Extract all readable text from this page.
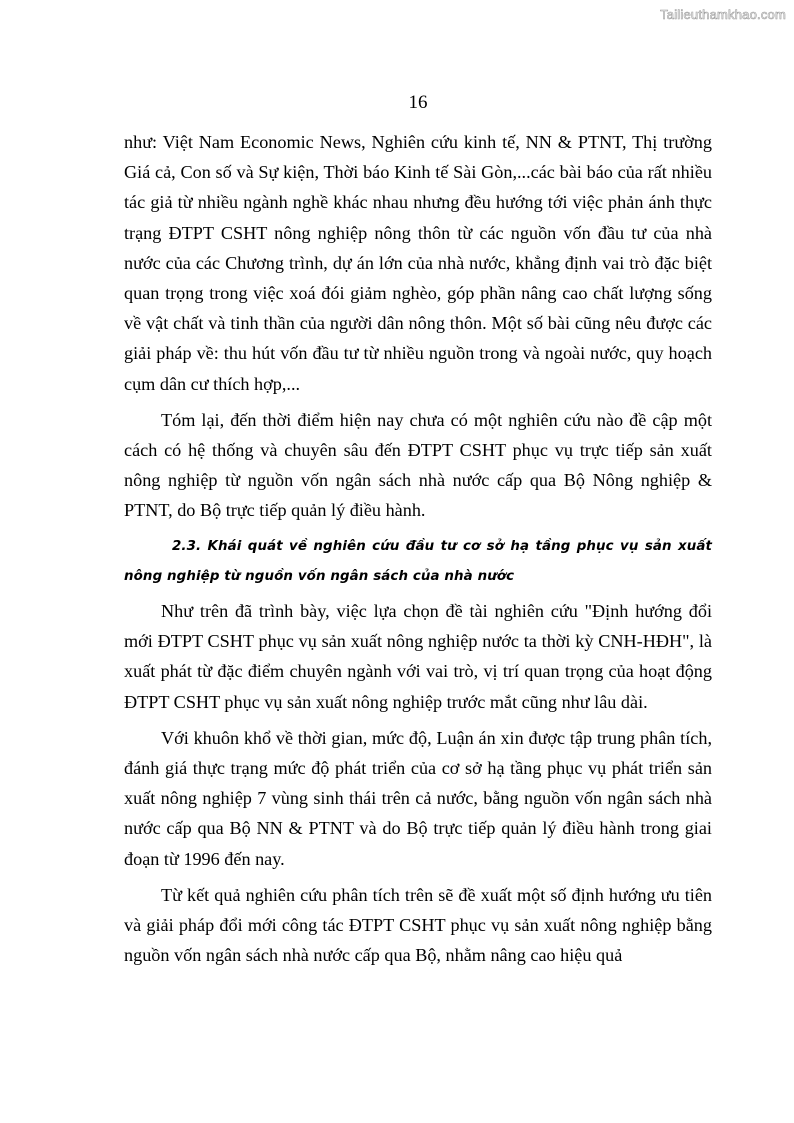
Tailieuthamkhao.com
16

như: Việt Nam Economic News, Nghiên cứu kinh tế, NN & PTNT, Thị trường Giá cả, Con số và Sự kiện, Thời báo Kinh tế Sài Gòn,...các bài báo của rất nhiều tác giả từ nhiều ngành nghề khác nhau nhưng đều hướng tới việc phản ánh thực trạng ĐTPT CSHT nông nghiệp nông thôn từ các nguồn vốn đầu tư của nhà nước của các Chương trình, dự án lớn của nhà nước, khẳng định vai trò đặc biệt quan trọng trong việc xoá đói giảm nghèo, góp phần nâng cao chất lượng sống về vật chất và tinh thần của người dân nông thôn. Một số bài cũng nêu được các giải pháp về: thu hút vốn đầu tư từ nhiều nguồn trong và ngoài nước, quy hoạch cụm dân cư thích hợp,...

Tóm lại, đến thời điểm hiện nay chưa có một nghiên cứu nào đề cập một cách có hệ thống và chuyên sâu đến ĐTPT CSHT phục vụ trực tiếp sản xuất nông nghiệp từ nguồn vốn ngân sách nhà nước cấp qua Bộ Nông nghiệp & PTNT, do Bộ trực tiếp quản lý điều hành.

2.3. Khái quát về nghiên cứu đầu tư cơ sở hạ tầng phục vụ sản xuất nông nghiệp từ nguồn vốn ngân sách của nhà nước

Như trên đã trình bày, việc lựa chọn đề tài nghiên cứu "Định hướng đổi mới ĐTPT CSHT phục vụ sản xuất nông nghiệp nước ta thời kỳ CNH-HĐH", là xuất phát từ đặc điểm chuyên ngành với vai trò, vị trí quan trọng của hoạt động ĐTPT CSHT phục vụ sản xuất nông nghiệp trước mắt cũng như lâu dài.

Với khuôn khổ về thời gian, mức độ, Luận án xin được tập trung phân tích, đánh giá thực trạng mức độ phát triển của cơ sở hạ tầng phục vụ phát triển sản xuất nông nghiệp 7 vùng sinh thái trên cả nước, bằng nguồn vốn ngân sách nhà nước cấp qua Bộ NN & PTNT và do Bộ trực tiếp quản lý điều hành trong giai đoạn từ 1996 đến nay.

Từ kết quả nghiên cứu phân tích trên sẽ đề xuất một số định hướng ưu tiên và giải pháp đổi mới công tác ĐTPT CSHT phục vụ sản xuất nông nghiệp bằng nguồn vốn ngân sách nhà nước cấp qua Bộ, nhằm nâng cao hiệu quả
